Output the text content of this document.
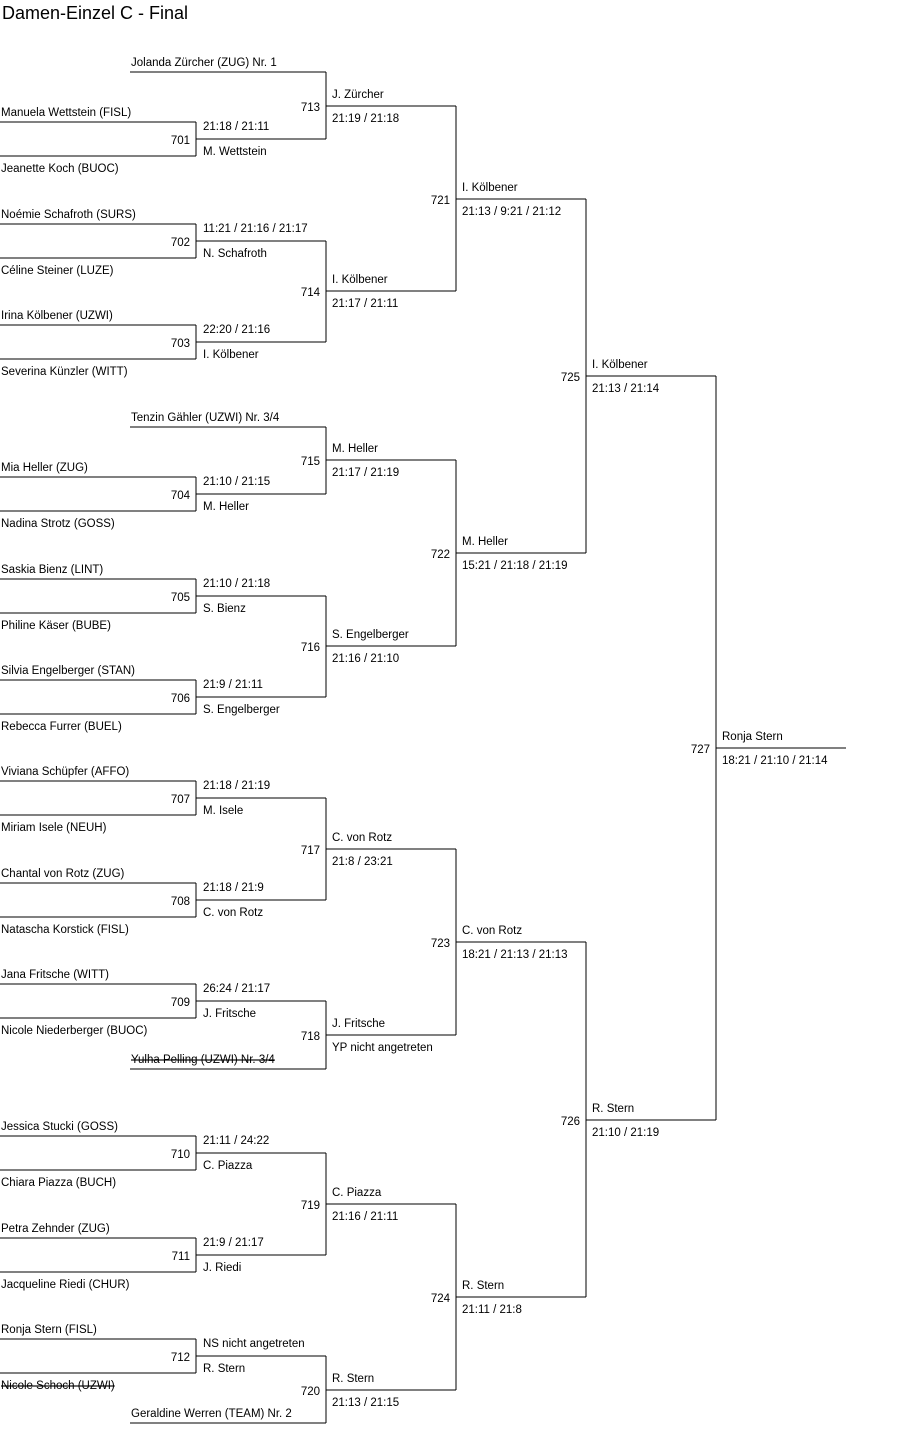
Damen-Einzel C - Final
Manuela Wettstein (FISL)
Jeanette Koch (BUOC)
701
Noémie Schafroth (SURS)
Céline Steiner (LUZE)
702
Irina Kölbener (UZWI)
Severina Künzler (WITT)
703
Mia Heller (ZUG)
Nadina Strotz (GOSS)
704
Saskia Bienz (LINT)
Philine Käser (BUBE)
705
Silvia Engelberger (STAN)
Rebecca Furrer (BUEL)
706
Viviana Schüpfer (AFFO)
Miriam Isele (NEUH)
707
Chantal von Rotz (ZUG)
Natascha Korstick (FISL)
708
Jana Fritsche (WITT)
Nicole Niederberger (BUOC)
709
Jessica Stucki (GOSS)
Chiara Piazza (BUCH)
710
Petra Zehnder (ZUG)
Jacqueline Riedi (CHUR)
711
Ronja Stern (FISL)
Nicole Schoch (UZWI)
712
Jolanda Zürcher (ZUG) Nr. 1
J. Zürcher
21:19 / 21:18
713
I. Kölbener
21:17 / 21:11
714
Tenzin Gähler (UZWI) Nr. 3/4
M. Heller
21:17 / 21:19
715
S. Engelberger
21:16 / 21:10
716
C. von Rotz
21:8 / 23:21
717
Yulha Pelling (UZWI) Nr. 3/4
J. Fritsche
YP nicht angetreten
718
C. Piazza
21:16 / 21:11
719
Geraldine Werren (TEAM) Nr. 2
R. Stern
21:13 / 21:15
720
I. Kölbener
21:13 / 9:21 / 21:12
721
M. Heller
15:21 / 21:18 / 21:19
722
C. von Rotz
18:21 / 21:13 / 21:13
723
R. Stern
21:11 / 21:8
724
I. Kölbener
21:13 / 21:14
725
R. Stern
21:10 / 21:19
726
Ronja Stern
18:21 / 21:10 / 21:14
727
21:18 / 21:11
M. Wettstein
11:21 / 21:16 / 21:17
N. Schafroth
22:20 / 21:16
I. Kölbener
21:10 / 21:15
M. Heller
21:10 / 21:18
S. Bienz
21:9 / 21:11
S. Engelberger
21:18 / 21:19
M. Isele
21:18 / 21:9
C. von Rotz
26:24 / 21:17
J. Fritsche
21:11 / 24:22
C. Piazza
21:9 / 21:17
J. Riedi
NS nicht angetreten
R. Stern
